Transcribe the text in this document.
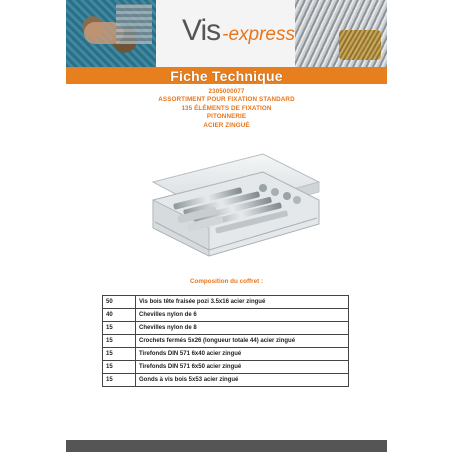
Vis -express
Fiche Technique
2305000077
ASSORTIMENT POUR FIXATION STANDARD
135 ÉLÉMENTS DE FIXATION
PITONNERIE
ACIER ZINGUÉ
Composition du coffret :
50	Vis bois tête fraisée pozi 3.5x16 acier zingué
40	Chevilles nylon de 6
15	Chevilles nylon de 8
15	Crochets fermés 5x26 (longueur totale 44) acier zingué
15	Tirefonds DIN 571 6x40 acier zingué
15	Tirefonds DIN 571 6x50 acier zingué
15	Gonds à vis bois 5x53 acier zingué
